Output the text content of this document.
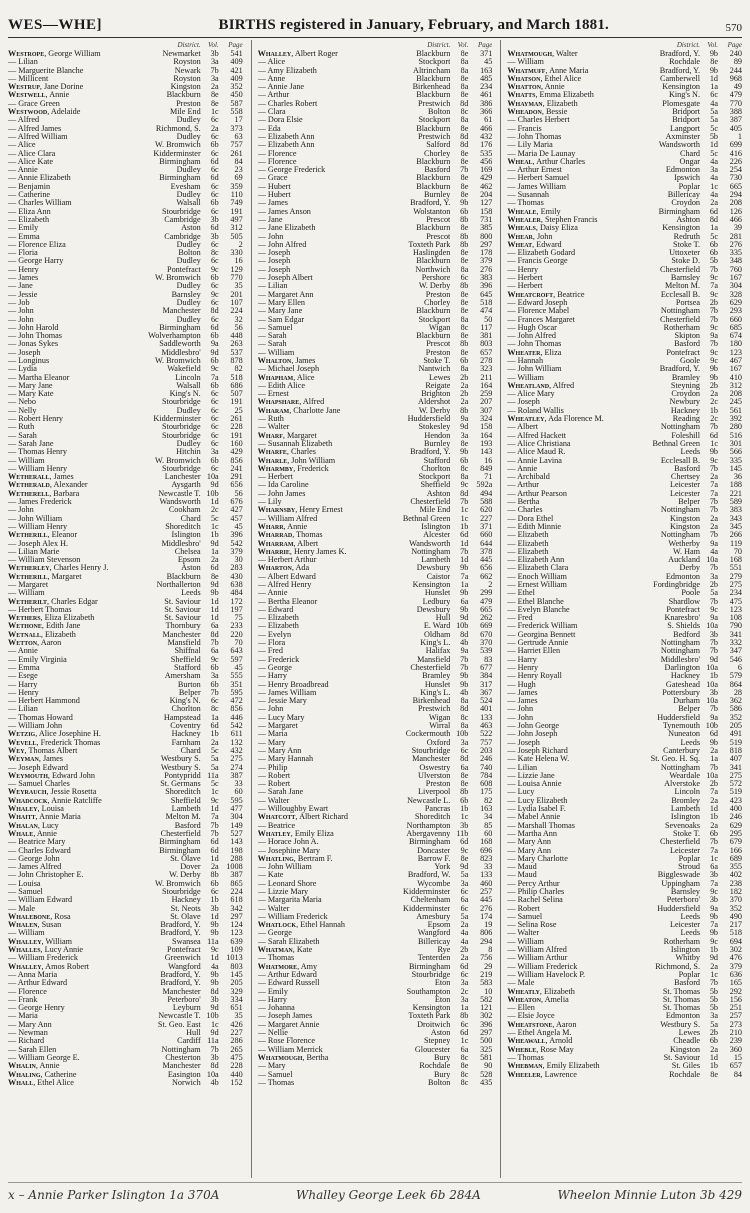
WES—WHE]	BIRTHS registered in January, February, and March 1881.	570
District.	Vol.	Page
Westrope, George William	Newmarket	3b	541
— Lilian	Royston	3a	409
— Marguerite Blanche	Newark	7b	421
— Millicent	Royston	3a	409
Westrup, Jane Dorine	Kingston	2a	352
Westwell, Annie	Blackburn	8e	450
— Grace Green	Preston	8e	587
Westwood, Adelaide	Mile End	1c	558
— Alfred	Dudley	6c	17
— Alfred James	Richmond, S.	2a	373
— Alfred William	Dudley	6c	63
— Alice	W. Bromwich	6b	757
— Alice Clara	Kidderminster	6c	261
— Alice Kate	Birmingham	6d	84
— Annie	Dudley	6c	23
— Annie Elizabeth	Birmingham	6d	69
— Benjamin	Evesham	6c	359
— Catherine	Dudley	6c	110
— Charles William	Walsall	6b	749
— Eliza Ann	Stourbridge	6c	191
— Elizabeth	Cambridge	3b	497
— Emily	Aston	6d	312
— Emma	Cambridge	3b	505
— Florence Eliza	Dudley	6c	2
— Floria	Bolton	8c	330
— George Harry	Dudley	6c	16
— Henry	Pontefract	9c	129
— James	W. Bromwich	6b	770
— Jane	Dudley	6c	35
— Jessie	Barnsley	9c	201
— Job	Dudley	6c	107
— John	Manchester	8d	224
— John	Dudley	6c	32
— John Harold	Birmingham	6d	56
— John Thomas	Wolverhampton	6b	448
— Jonas Sykes	Saddleworth	9a	263
— Joseph	Middlesbro'	9d	537
— Longinus	W. Bromwich	6b	878
— Lydia	Wakefield	9c	82
— Martha Eleanor	Lincoln	7a	518
— Mary Jane	Walsall	6b	686
— Mary Kate	King's N.	6c	507
— Nebo	Stourbridge	6c	191
— Nelly	Dudley	6c	25
— Robert Henry	Kidderminster	6c	261
— Ruth	Stourbridge	6c	228
— Sarah	Stourbridge	6c	191
— Sarah Jane	Dudley	6c	160
— Thomas Henry	Hitchin	3a	429
— William	W. Bromwich	6b	856
— William Henry	Stourbridge	6c	241
Wetherall, James	Lanchester 10a	291
Wetherald, Alexander	Aysgarth	9d	656
Wetherell, Barbara	Newcastle T. 10b	56
— James Frederick	Wandsworth	1d	676
— John	Cookham	2c	427
— John William	Chard	5c	457
— William Henry	Shoreditch	1c	45
Wetherill, Eleanor	Islington	1b	396
— Joseph Alex H.	Middlesbro'	9d	542
— Lilian Marie	Chelsea	1a	379
— William Stevenson	Epsom	2a	30
Wetherley, Charles Henry J.	Aston	6d	283
Wetherill, Margaret	Blackburn	8e	430
— Margaret	Northallerton	9d	638
— William	Leeds	9b	484
Wetherilt, Charles Edgar	St. Saviour	1d	172
— Herbert Thomas	St. Saviour	1d	197
Wethers, Eliza Elizabeth	St. Saviour	1d	75
Wethone, Edith Jane	Thornbury	6a	233
Wetnall, Elizabeth	Manchester	8d	220
Wetton, Aaron	Mansfield	7b	70
— Annie	Shiffnal	6a	643
— Emily Virginia	Sheffield	9c	597
— Emma	Stafford	6b	45
— Esege	Amersham	3a	555
— Harry	Burton	6b	351
— Henry	Belper	7b	595
— Herbert Hammond	King's N.	6c	472
— Lilian	Chorlton	8c	856
— Thomas Howard	Hampstead	1a	446
— William John	Coventry	6d	542
Wetzig, Alice Josephine H.	Hackney	1b	611
Wevell, Frederick Thomas	Farnham	2a	132
Wey, Thomas Albert	Chard	5c	432
Weyman, James	Westbury S.	5a	275
— Joseph Edward	Westbury S.	5a	274
Weymouth, Edward John	Pontypridd 11a	387
— Samuel Charles	St. Germans	5c	33
Weyrauch, Jessie Rosetta	Shoreditch	1c	60
Whadcock, Annie Ratcliffe	Sheffield	9c	595
Whaley, Louisa	Lambeth	1d	477
Whaitt, Annie Maria	Melton M.	7a	304
Whalan, Lucy	Basford	7b	149
Whale, Annie	Chesterfield	7b	527
— Beatrice Mary	Birmingham	6d	143
— Charles Edward	Birmingham	6d	198
— George John	St. Olave	1d	288
— James Alfred	Dover	2a 1008
— John Christopher E.	W. Derby	8b	387
— Louisa	W. Bromwich	6b	865
— Samuel	Stourbridge	6c	224
— William Edward	Hackney	1b	618
— Male	St. Neots	3b	342
Whalebone, Rosa	St. Olave	1d	297
Whalen, Susan	Bradford, Y.	9b	124
— William	Bradford, Y.	9b	123
Whalley, William	Swansea 11a	639
Whalles, Lucy Annie	Pontefract	9c	109
— William Frederick	Greenwich	1d 1013
Whalley, Amos Robert	Wangford	4a	803
— Anna Maria	Bradford, Y.	9b	145
— Arthur Edward	Bradford, Y.	9b	205
— Florence	Manchester	8d	329
— Frank	Peterboro'	3b	334
— George Henry	Leyburn	9d	651
— Maria	Newcastle T. 10b	35
— Mary Ann	St. Geo. East	1c	426
— Newman	Hull	9d	227
— Richard	Cardiff 11a	286
— Sarah Ellen	Nottingham	7b	265
— William George E.	Chesterton	3b	475
Whalin, Annie	Manchester	8d	228
Whaling, Catherine	Easington 10a	440
Whall, Ethel Alice	Norwich	4b	152
District.	Vol.	Page
Whalley, Albert Roger	Blackburn	8e	371
— Alice	Stockport	8a	45
— Amy Elizabeth	Altrincham	8a	163
— Anne	Blackburn	8e	485
— Annie Jane	Birkenhead	8a	234
— Arthur	Blackburn	8e	461
— Charles Robert	Prestwich	8d	386
— Clara	Bolton	8c	366
— Dora Elsie	Stockport	8a	61
— Eda	Blackburn	8e	466
— Elizabeth Ann	Prestwich	8d	432
— Elizabeth Ann	Salford	8d	176
— Florence	Chorley	8e	535
— Florence	Blackburn	8e	456
— George Frederick	Basford	7b	169
— Grace	Blackburn	8e	429
— Hubert	Blackburn	8e	462
— Hubert	Burnley	8e	204
— James	Bradford, Y.	9b	127
— James Anson	Wolstanton	6b	158
— Jane	Prescot	8b	731
— Jane Elizabeth	Blackburn	8e	385
— John	Prescot	8b	800
— John Alfred	Toxteth Park	8b	297
— Joseph	Haslingden	8e	178
— Joseph	Blackburn	8e	379
— Joseph	Northwich	8a	276
— Joseph Albert	Pershore	6c	383
— Lilian	W. Derby	8b	396
— Margaret Ann	Preston	8e	645
— Mary Ellen	Chorley	8e	518
— Mary Jane	Blackburn	8e	474
— Sam Edgar	Stockport	8a	50
— Samuel	Wigan	8c	117
— Sarah	Blackburn	8e	381
— Sarah	Prescot	8b	803
— William	Preston	8e	657
Whalton, James	Stoke T.	6b	278
— Michael Joseph	Nantwich	8a	323
Whapham, Alice	Lewes	2b	211
— Edith Alice	Reigate	2a	164
— Ernest	Brighton	2b	259
Whapshare, Alfred	Aldershot	2a	207
Wharam, Charlotte Jane	W. Derby	8b	307
— Ruth	Huddersfield	9a	324
— Walter	Stokesley	9d	158
Wharf, Margaret	Hendon	3a	164
— Susannah Elizabeth	Burnley	8e	193
Wharfe, Charles	Bradford, Y.	9b	143
Wharle, John William	Stafford	6b	16
Wharmby, Frederick	Chorlton	8c	849
— Herbert	Stockport	8a	71
— Ida Caroline	Sheffield	9c 592a
— John James	Ashton	8d	494
— Lily	Chesterfield	7b	588
Wharnsby, Henry Ernest	Mile End	1c	620
— William Alfred	Bethnal Green	1c	227
Wharr, Annie	Islington	1b	371
Wharrad, Thomas	Alcester	6d	660
Wharram, Albert	Wandsworth	1d	644
Wharrie, Henry James K.	Nottingham	7b	378
— Herbert Arthur	Lambeth	1d	445
Wharton, Ada	Dewsbury	9b	656
— Albert Edward	Caistor	7a	662
— Alfred Henry	Kensington	1a	2
— Annie	Hunslet	9b	299
— Bertha Eleanor	Ledbury	6a	479
— Edward	Dewsbury	9b	665
— Elizabeth	Hull	9d	262
— Elizabeth	E. Ward 10b	669
— Evelyn	Oldham	8d	670
— Flora	King's L.	4b	370
— Fred	Halifax	9a	539
— Frederick	Mansfield	7b	83
— George	Chesterfield	7b	677
— Harry	Bramley	9b	384
— Henry Broadbread	Hunslet	9b	317
— James William	King's L.	4b	367
— Jessie Mary	Birkenhead	8a	524
— John	Prestwich	8d	401
— Lucy Mary	Wigan	8c	133
— Margaret	Wirral	8a	463
— Maria	Cockermouth 10b	522
— Mary	Oxford	3a	757
— Mary Ann	Stourbridge	6c	203
— Mary Hannah	Manchester	8d	246
— Philip	Oswestry	6a	740
— Robert	Ulverston	8e	784
— Robert	Preston	8e	608
— Sarah Jane	Liverpool	8b	175
— Walter	Newcastle L.	6b	82
— Willoughby Ewart	Pancras	1b	163
Whatcott, Albert Richard	Shoreditch	1c	34
— Beatrice	Northampton	3b	85
Whatley, Emily Eliza	Abergavenny 11b	60
— Horace John A.	Birmingham	6d	168
— Josephine Mary	Doncaster	9c	696
Whatling, Bertram F.	Barrow F.	8e	823
— John William	York	9d	33
— Kate	Bradford, W.	5a	133
— Leonard Shore	Wycombe	3a	460
— Lizzie Mary	Kidderminster	6c	257
— Margarita Maria	Cheltenham	6a	445
— Walter	Kidderminster	6c	276
— William Frederick	Amesbury	5a	174
Whatlock, Ethel Hannah	Epsom	2a	19
— George	Wangford	4a	806
— Sarah Elizabeth	Billericay	4a	294
Whatman, Kate	Rye	2b	8
— Thomas	Tenterden	2a	756
Whatmore, Amy	Birmingham	6d	29
— Arthur Edward	Stourbridge	6c	219
— Edward Russell	Eton	3a	583
— Emily	Southampton	2c	10
— Harry	Eton	3a	582
— Johanna	Kensington	1a	121
— Joseph James	Toxteth Park	8b	302
— Margaret Annie	Droitwich	6c	396
— Nellie	Aston	6d	297
— Rose Florence	Stepney	1c	500
— William Merrick	Gloucester	6a	325
Whatmough, Bertha	Bury	8c	581
— Mary	Rochdale	8e	90
— Samuel	Bury	8c	528
— Thomas	Bolton	8c	435
District.	Vol.	Page
Whatmough, Walter	Bradford, Y.	9b	240
— William	Rochdale	8e	89
Whatmuff, Anne Maria	Bradford, Y.	9b	244
Whatson, Ethel Alice	Camberwell	1d	968
Whatton, Annie	Kensington	1a	49
Whatts, Emma Elizabeth	King's N.	6c	479
Whayman, Elizabeth	Plomesgate	4a	770
Wheadon, Bessie	Bridport	5a	388
— Charles Herbert	Bridport	5a	387
— Francis	Langport	5c	405
— John Thomas	Axminster	5b	1
— Lily Maria	Wandsworth	1d	699
— Maria De Launay	Chard	5c	416
Wheal, Arthur Charles	Ongar	4a	226
— Arthur Ernest	Edmonton	3a	254
— Herbert Samuel	Ipswich	4a	730
— James William	Poplar	1c	665
— Susannah	Billericay	4a	294
— Thomas	Croydon	2a	208
Wheale, Emily	Birmingham	6d	126
Whealer, Stephen Francis	Ashton	8d	466
Wheals, Daisy Eliza	Kensington	1a	39
Whear, John	Redruth	5c	281
Wheat, Edward	Stoke T.	6b	276
— Elizabeth Godard	Uttoxeter	6b	335
— Francis George	Stoke D.	5b	348
— Henry	Chesterfield	7b	760
— Herbert	Barnsley	9c	167
— Herbert	Melton M.	7a	304
Wheatcroft, Beatrice	Ecclesall B.	9c	328
— Edward Joseph	Portsea	2b	629
— Florence Mabel	Nottingham	7b	293
— Frances Margaret	Chesterfield	7b	660
— Hugh Oscar	Rotherham	9c	685
— John Alfred	Skipton	9a	674
— John Thomas	Basford	7b	180
Wheater, Eliza	Pontefract	9c	123
— Hannah	Goole	9c	467
— John William	Bradford, Y.	9b	167
— William	Bramley	9b	410
Wheatland, Alfred	Steyning	2b	312
— Alice Mary	Croydon	2a	208
— Joseph	Newbury	2c	245
— Roland Wallis	Hackney	1b	561
Wheatley, Ada Florence M.	Reading	2c	392
— Albert	Nottingham	7b	280
— Alfred Hackett	Foleshill	6d	516
— Alice Christiana	Bethnal Green	1c	301
— Alice Maud R.	Leeds	9b	566
— Annie Lavina	Ecclesall B.	9c	335
— Annie	Basford	7b	145
— Archibald	Chertsey	2a	36
— Arthur	Leicester	7a	188
— Arthur Pearson	Leicester	7a	221
— Bertha	Belper	7b	589
— Charles	Nottingham	7b	383
— Dora Ethel	Kingston	2a	343
— Edith Minnie	Kingston	2a	345
— Elizabeth	Nottingham	7b	266
— Elizabeth	Wetherby	9a	119
— Elizabeth	W. Ham	4a	70
— Elizabeth Ann	Auckland 10a	168
— Elizabeth Clara	Derby	7b	551
— Enoch William	Edmonton	3a	279
— Ernest William	Fordingbridge	2b	275
— Ethel	Poole	5a	234
— Ethel Blanche	Shardlow	7b	475
— Evelyn Blanche	Pontefract	9c	123
— Fred	Knaresbro'	9a	108
— Frederick William	S. Shields 10a	790
— Georgina Bennett	Bedford	3b	341
— Gertrude Annie	Nottingham	7b	332
— Harriet Ellen	Nottingham	7b	347
— Harry	Middlesbro'	9d	546
— Henry	Darlington 10a	6
— Henry Royall	Hackney	1b	579
— Hugh	Gateshead 10a	864
— James	Pottersbury	3b	28
— James	Durham 10a	362
— John	Belper	7b	586
— John	Huddersfield	9a	352
— John George	Tynemouth 10b	205
— John Joseph	Nuneaton	6d	491
— Joseph	Leeds	9b	519
— Joseph Richard	Canterbury	2a	818
— Kate Helena W.	St. Geo. H. Sq.	1a	407
— Lilian	Nottingham	7b	341
— Lizzie Jane	Weardale 10a	275
— Louisa Annie	Alverstoke	2b	572
— Lucy	Lincoln	7a	519
— Lucy Elizabeth	Bromley	2a	423
— Lydia Isabel F.	Lambeth	1d	400
— Mabel Annie	Islington	1b	246
— Marshall Thomas	Sevenoaks	2a	629
— Martha Ann	Stoke T.	6b	295
— Mary Ann	Chesterfield	7b	679
— Mary Ann	Leicester	7a	166
— Mary Charlotte	Poplar	1c	689
— Maud	Stroud	6a	355
— Maud	Biggleswade	3b	402
— Percy Arthur	Uppingham	7a	238
— Philip Charles	Barnsley	9c	182
— Rachel Selina	Peterboro'	3b	370
— Robert	Huddersfield	9a	352
— Samuel	Leeds	9b	490
— Selina Rose	Leicester	7a	217
— Walter	Leeds	9b	518
— William	Rotherham	9c	694
— William Alfred	Islington	1b	302
— William Arthur	Whitby	9d	476
— William Frederick	Richmond, S.	2a	379
— William Havelock P.	Poplar	1c	636
— Male	Basford	7b	165
Wheatly, Elizabeth	St. Thomas	5b	292
Wheaton, Amelia	St. Thomas	5b	156
— Ellen	St. Thomas	5b	251
— Elsie Joyce	Edmonton	3a	257
Wheatstone, Aaron	Westbury S.	5a	273
— Ethel Angela M.	Lewes	2b	210
Wheawall, Arnold	Cheadle	6b	239
Wheble, Rose May	Kingston	2a	360
— Thomas	St. Saviour	1d	15
Whebman, Emily Elizabeth	St. Giles	1b	657
Wheeler, Lawrence	Rochdale	8e	84
x – Annie Parker Islington 1a 370A	Whalley George Leek 6b 284A	Wheelon Minnie Luton 3b 429
